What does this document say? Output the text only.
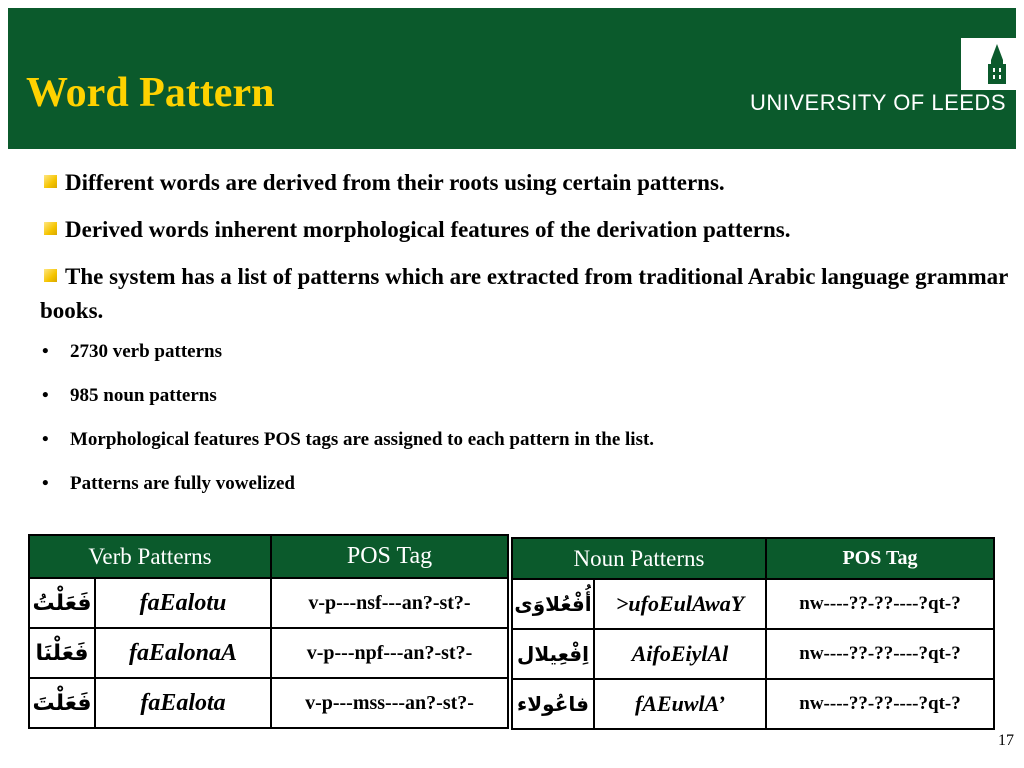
Word Pattern	UNIVERSITY OF LEEDS
Different words are derived from their roots using certain patterns.
Derived words inherent morphological features of the derivation patterns.
The system has a list of patterns which are extracted from traditional Arabic language grammar books.
• 2730 verb patterns
• 985 noun patterns
• Morphological features POS tags are assigned to each pattern in the list.
• Patterns are fully vowelized
Verb Patterns		POS Tag
فَعَلْتُ	faEalotu	v-p---nsf---an?-st?-
فَعَلْنَا	faEalonaA	v-p---npf---an?-st?-
فَعَلْتَ	faEalota	v-p---mss---an?-st?-
Noun Patterns		POS Tag
أُفْعُلاوَى	>ufoEulAwaY	nw----??-??----?qt-?
اِفْعِيلال	AifoEiylAl	nw----??-??----?qt-?
فاعُولاء	fAEuwlA’	nw----??-??----?qt-?
17
